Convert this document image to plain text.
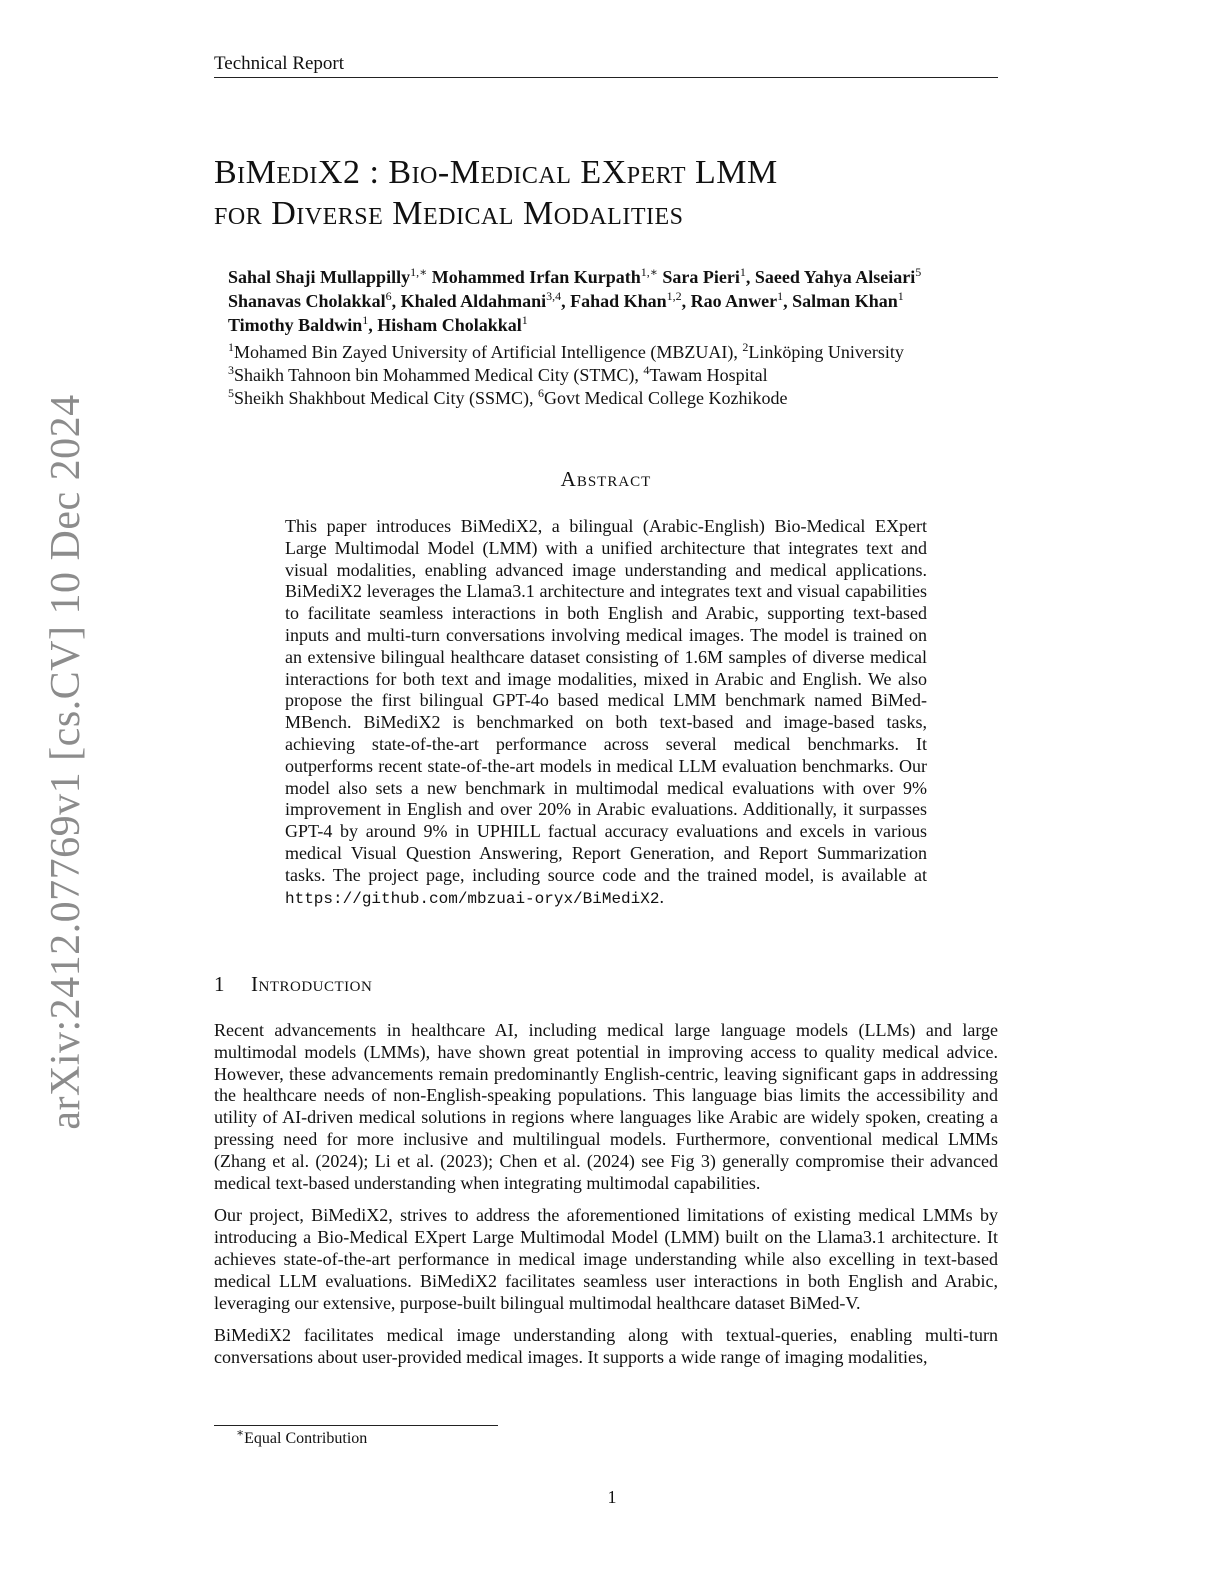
Technical Report
arXiv:2412.07769v1 [cs.CV] 10 Dec 2024
BiMediX2 : Bio-Medical EXpert LMM
for Diverse Medical Modalities
Sahal Shaji Mullappilly$^{1,∗}$ Mohammed Irfan Kurpath$^{1,∗}$ Sara Pieri$^1$, Saeed Yahya Alseiari$^5$
Shanavas Cholakkal$^6$, Khaled Aldahmani$^{3,4}$, Fahad Khan$^{1,2}$, Rao Anwer$^1$, Salman Khan$^1$
Timothy Baldwin$^1$, Hisham Cholakkal$^1$
$^1$Mohamed Bin Zayed University of Artificial Intelligence (MBZUAI), $^2$Linköping University
$^3$Shaikh Tahnoon bin Mohammed Medical City (STMC), $^4$Tawam Hospital
$^5$Sheikh Shakhbout Medical City (SSMC), $^6$Govt Medical College Kozhikode
Abstract
This paper introduces BiMediX2, a bilingual (Arabic-English) Bio-Medical EXpert Large Multimodal Model (LMM) with a unified architecture that integrates text and visual modalities, enabling advanced image understanding and medical applications. BiMediX2 leverages the Llama3.1 architecture and integrates text and visual capabilities to facilitate seamless interactions in both English and Arabic, supporting text-based inputs and multi-turn conversations involving medical images. The model is trained on an extensive bilingual healthcare dataset consisting of 1.6M samples of diverse medical interactions for both text and image modalities, mixed in Arabic and English. We also propose the first bilingual GPT-4o based medical LMM benchmark named BiMed-MBench. BiMediX2 is benchmarked on both text-based and image-based tasks, achieving state-of-the-art performance across several medical benchmarks. It outperforms recent state-of-the-art models in medical LLM evaluation benchmarks. Our model also sets a new benchmark in multimodal medical evaluations with over 9% improvement in English and over 20% in Arabic evaluations. Additionally, it surpasses GPT-4 by around 9% in UPHILL factual accuracy evaluations and excels in various medical Visual Question Answering, Report Generation, and Report Summarization tasks. The project page, including source code and the trained model, is available at https://github.com/mbzuai-oryx/BiMediX2.
1 Introduction

Recent advancements in healthcare AI, including medical large language models (LLMs) and large multimodal models (LMMs), have shown great potential in improving access to quality medical advice. However, these advancements remain predominantly English-centric, leaving significant gaps in addressing the healthcare needs of non-English-speaking populations. This language bias limits the accessibility and utility of AI-driven medical solutions in regions where languages like Arabic are widely spoken, creating a pressing need for more inclusive and multilingual models. Furthermore, conventional medical LMMs (Zhang et al. (2024); Li et al. (2023); Chen et al. (2024) see Fig 3) generally compromise their advanced medical text-based understanding when integrating multimodal capabilities.

Our project, BiMediX2, strives to address the aforementioned limitations of existing medical LMMs by introducing a Bio-Medical EXpert Large Multimodal Model (LMM) built on the Llama3.1 architecture. It achieves state-of-the-art performance in medical image understanding while also excelling in text-based medical LLM evaluations. BiMediX2 facilitates seamless user interactions in both English and Arabic, leveraging our extensive, purpose-built bilingual multimodal healthcare dataset BiMed-V.

BiMediX2 facilitates medical image understanding along with textual-queries, enabling multi-turn conversations about user-provided medical images. It supports a wide range of imaging modalities,

∗Equal Contribution
1
